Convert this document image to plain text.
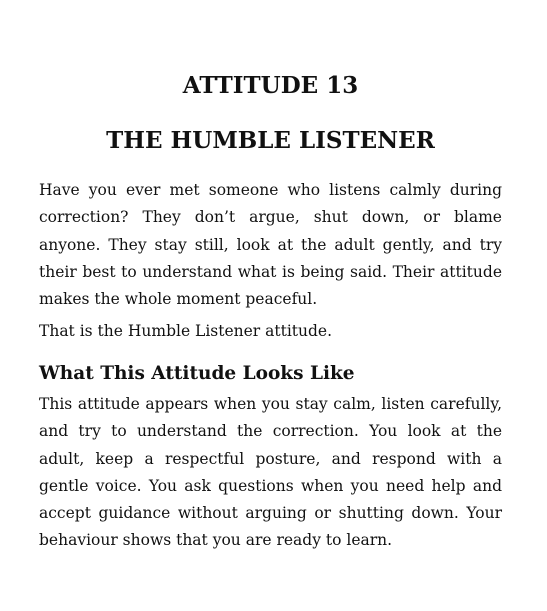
ATTITUDE 13
THE HUMBLE LISTENER

Have you ever met someone who listens calmly during correction? They don’t argue, shut down, or blame anyone. They stay still, look at the adult gently, and try their best to understand what is being said. Their attitude makes the whole moment peaceful.

That is the Humble Listener attitude.

What This Attitude Looks Like

This attitude appears when you stay calm, listen carefully, and try to understand the correction. You look at the adult, keep a respectful posture, and respond with a gentle voice. You ask questions when you need help and accept guidance without arguing or shutting down. Your behaviour shows that you are ready to learn.
